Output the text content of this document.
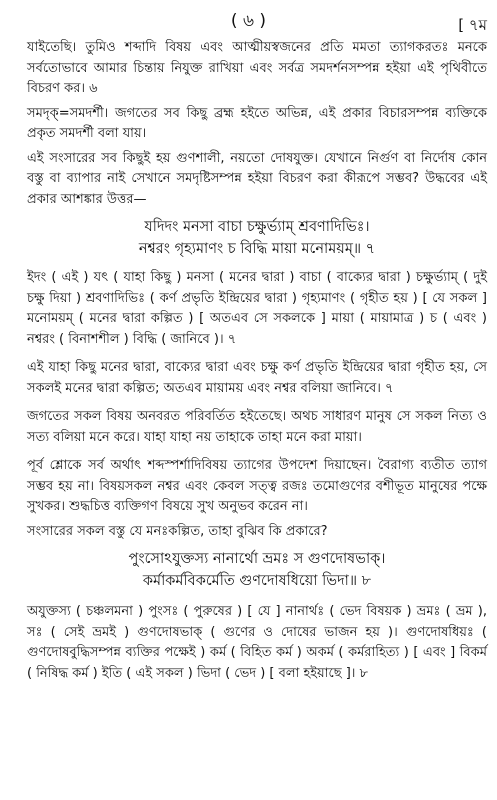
( ৬ )	[ ৭ম

যাইতেছি। তুমিও শব্দাদি বিষয় এবং আত্মীয়স্বজনের প্রতি মমতা ত্যাগকরতঃ মনকে সর্বতোভাবে আমার চিন্তায় নিযুক্ত রাখিয়া এবং সর্বত্র সমদর্শনসম্পন্ন হইয়া এই পৃথিবীতে বিচরণ কর। ৬

সমদৃক্‌=সমদর্শী। জগতের সব কিছু ব্রহ্ম হইতে অভিন্ন, এই প্রকার বিচারসম্পন্ন ব্যক্তিকে প্রকৃত সমদর্শী বলা যায়।

এই সংসারের সব কিছুই হয় গুণশালী, নয়তো দোষযুক্ত। যেখানে নির্গুণ বা নির্দোষ কোন বস্তু বা ব্যাপার নাই সেখানে সমদৃষ্টিসম্পন্ন হইয়া বিচরণ করা কীরূপে সম্ভব? উদ্ধবের এই প্রকার আশঙ্কার উত্তর—

যদিদং মনসা বাচা চক্ষুর্ভ্যাম্ শ্রবণাদিভিঃ।
নশ্বরং গৃহ্যমাণং চ বিদ্ধি মায়া মনোময়ম্‌॥ ৭

ইদং ( এই ) যৎ ( যাহা কিছু ) মনসা ( মনের দ্বারা ) বাচা ( বাক্যের দ্বারা ) চক্ষুর্ভ্যাম্ ( দুই চক্ষু দিয়া ) শ্রবণাদিভিঃ ( কর্ণ প্রভৃতি ইন্দ্রিয়ের দ্বারা ) গৃহ্যমাণং ( গৃহীত হয় ) [ যে সকল ] মনোময়ম্ ( মনের দ্বারা কল্পিত ) [ অতএব সে সকলকে ] মায়া ( মায়ামাত্র ) চ ( এবং ) নশ্বরং ( বিনাশশীল ) বিদ্ধি ( জানিবে )। ৭

এই যাহা কিছু মনের দ্বারা, বাক্যের দ্বারা এবং চক্ষু কর্ণ প্রভৃতি ইন্দ্রিয়ের দ্বারা গৃহীত হয়, সে সকলই মনের দ্বারা কল্পিত; অতএব মায়াময় এবং নশ্বর বলিয়া জানিবে। ৭

জগতের সকল বিষয় অনবরত পরিবর্তিত হইতেছে। অথচ সাধারণ মানুষ সে সকল নিত্য ও সত্য বলিয়া মনে করে। যাহা যাহা নয় তাহাকে তাহা মনে করা মায়া।

পূর্ব শ্লোকে সর্ব অর্থাৎ শব্দস্পর্শাদিবিষয় ত্যাগের উপদেশ দিয়াছেন। বৈরাগ্য ব্যতীত ত্যাগ সম্ভব হয় না। বিষয়সকল নশ্বর এবং কেবল সত্ত্ব রজঃ তমোগুণের বশীভূত মানুষের পক্ষে সুখকর। শুদ্ধচিত্ত ব্যক্তিগণ বিষয়ে সুখ অনুভব করেন না।

সংসারের সকল বস্তু যে মনঃকল্পিত, তাহা বুঝিব কি প্রকারে?

পুংসোঽযুক্তস্য নানার্থো ভ্রমঃ স গুণদোষভাক্‌।
কর্মাকর্মবিকর্মেতি গুণদোষধিয়ো ভিদা॥ ৮

অযুক্তস্য ( চঞ্চলমনা ) পুংসঃ ( পুরুষের ) [ যে ] নানার্থঃ ( ভেদ বিষয়ক ) ভ্রমঃ ( ভ্রম ), সঃ ( সেই ভ্রমই ) গুণদোষভাক্‌ ( গুণের ও দোষের ভাজন হয় )। গুণদোষধিয়ঃ ( গুণদোষবুদ্ধিসম্পন্ন ব্যক্তির পক্ষেই ) কর্ম ( বিহিত কর্ম ) অকর্ম ( কর্মরাহিত্য ) [ এবং ] বিকর্ম ( নিষিদ্ধ কর্ম ) ইতি ( এই সকল ) ভিদা ( ভেদ ) [ বলা হইয়াছে ]। ৮
